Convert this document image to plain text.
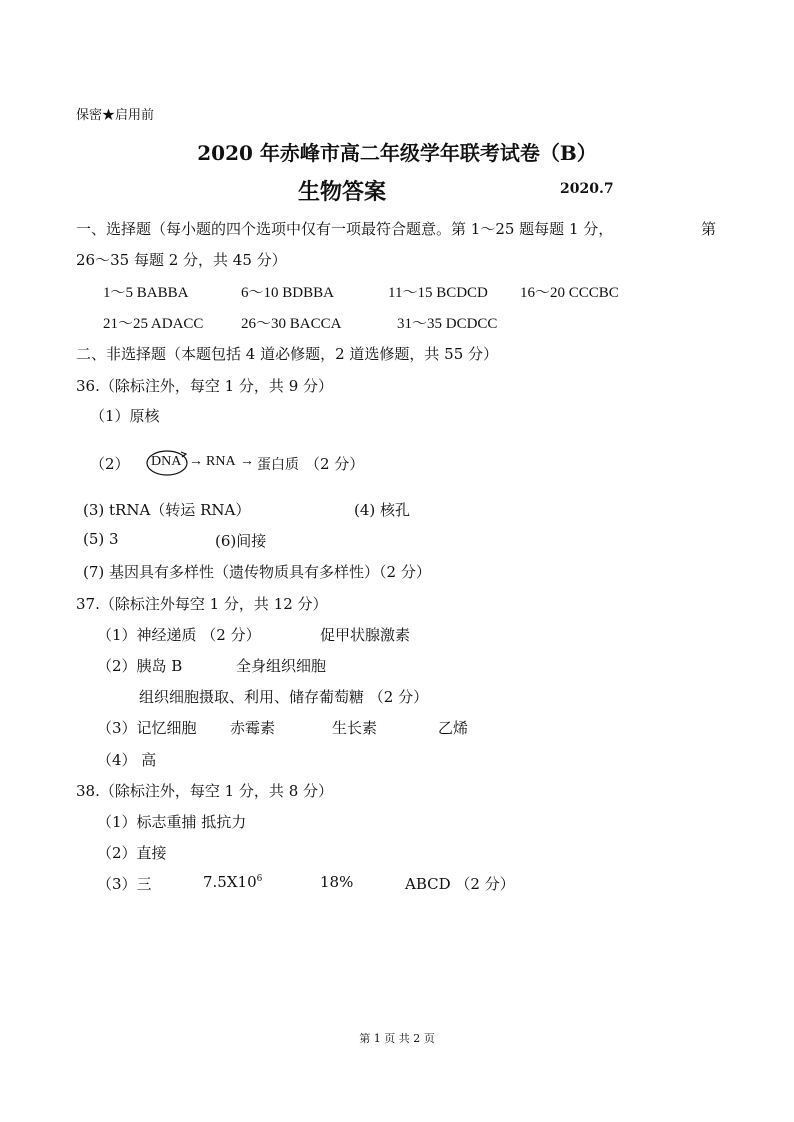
保密★启用前
2020 年赤峰市高二年级学年联考试卷（B）
生物答案	2020.7
一、选择题（每小题的四个选项中仅有一项最符合题意。第 1～25 题每题 1 分，	第
26～35 每题 2 分，共 45 分）
1～5 BABBA	6～10 BDBBA	11～15 BCDCD 16～20 CCCBC
21～25 ADACC	26～30 BACCA	31～35 DCDCC
二、非选择题（本题包括 4 道必修题，2 道选修题，共 55 分）
36.（除标注外，每空 1 分，共 9 分）
（1）原核
（2） DNA → RNA → 蛋白质 （2 分）
(3) tRNA（转运 RNA）	(4) 核孔
(5) 3	(6)间接
(7) 基因具有多样性（遗传物质具有多样性）（2 分）
37.（除标注外每空 1 分，共 12 分）
（1）神经递质 （2 分）	促甲状腺激素
（2）胰岛 B	全身组织细胞
组织细胞摄取、利用、储存葡萄糖 （2 分）
（3）记忆细胞 赤霉素	生长素	乙烯
（4） 高
38.（除标注外，每空 1 分，共 8 分）
（1）标志重捕 抵抗力
（2）直接
（3）三	$7.5X10^6$	18%	ABCD （2 分）
第 1 页 共 2 页
